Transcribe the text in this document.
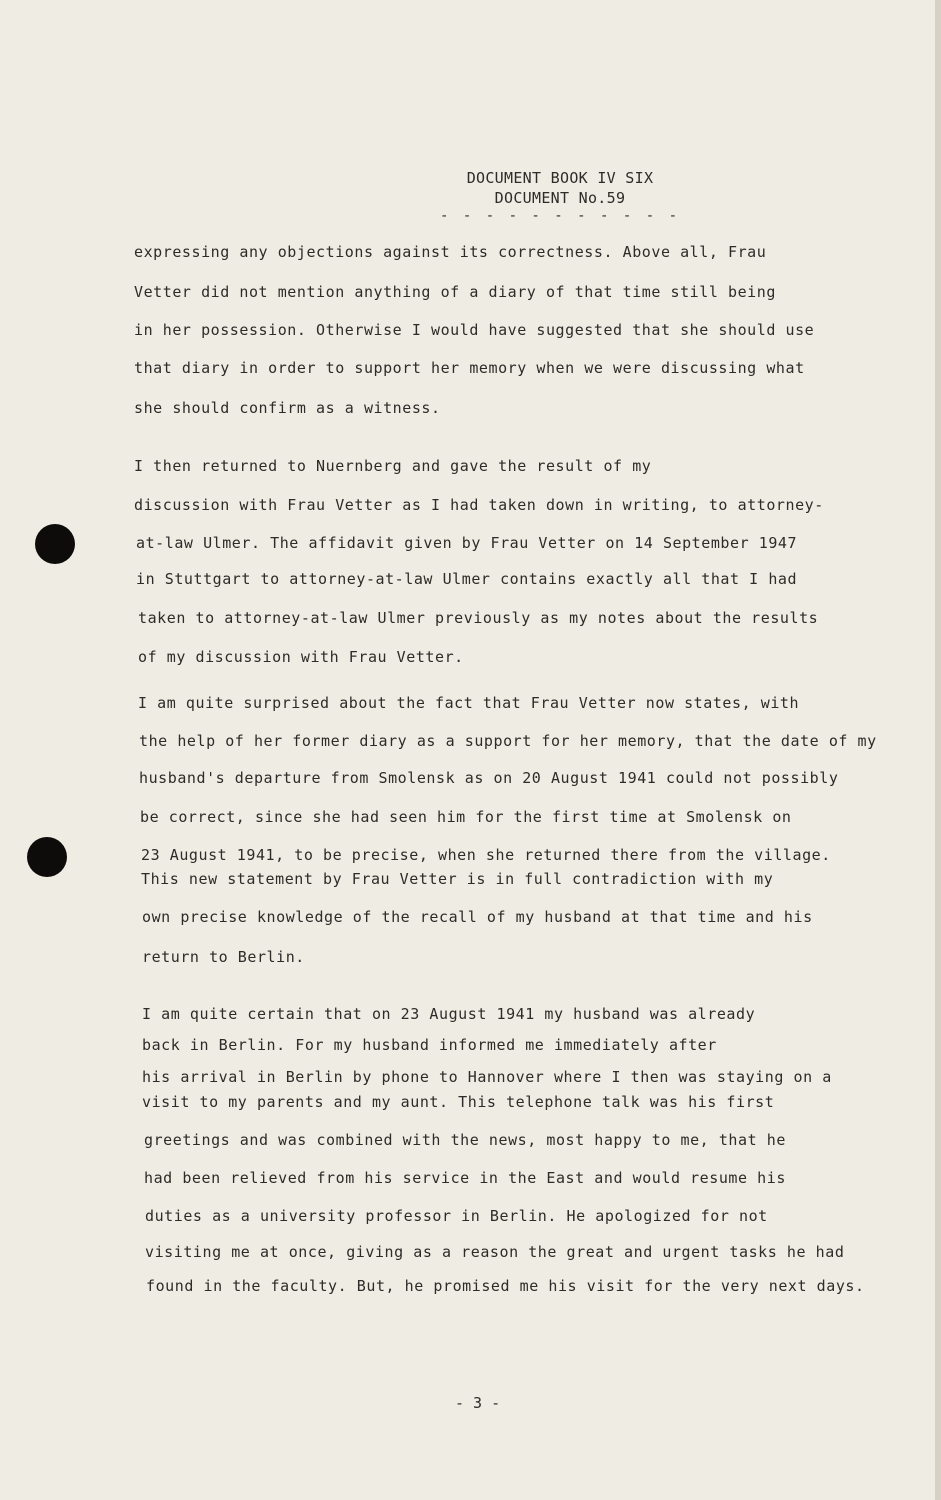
DOCUMENT BOOK IV SIX
DOCUMENT No.59
- - - - - - - - - - -
expressing any objections against its correctness. Above all, Frau
Vetter did not mention anything of a diary of that time still being
in her possession. Otherwise I would have suggested that she should use
that diary in order to support her memory when we were discussing what
she should confirm as a witness.
I then returned to Nuernberg and gave the result of my
discussion with Frau Vetter as I had taken down in writing, to attorney-
at-law Ulmer. The affidavit given by Frau Vetter on 14 September 1947
in Stuttgart to attorney-at-law Ulmer contains exactly all that I had
taken to attorney-at-law Ulmer previously as my notes about the results
of my discussion with Frau Vetter.
I am quite surprised about the fact that Frau Vetter now states, with
the help of her former diary as a support for her memory, that the date of my
husband's departure from Smolensk as on 20 August 1941 could not possibly
be correct, since she had seen him for the first time at Smolensk on
23 August 1941, to be precise, when she returned there from the village.
This new statement by Frau Vetter is in full contradiction with my
own precise knowledge of the recall of my husband at that time and his
return to Berlin.
I am quite certain that on 23 August 1941 my husband was already
back in Berlin. For my husband informed me immediately after
his arrival in Berlin by phone to Hannover where I then was staying on a
visit to my parents and my aunt. This telephone talk was his first
greetings and was combined with the news, most happy to me, that he
had been relieved from his service in the East and would resume his
duties as a university professor in Berlin. He apologized for not
visiting me at once, giving as a reason the great and urgent tasks he had
found in the faculty. But, he promised me his visit for the very next days.
- 3 -
